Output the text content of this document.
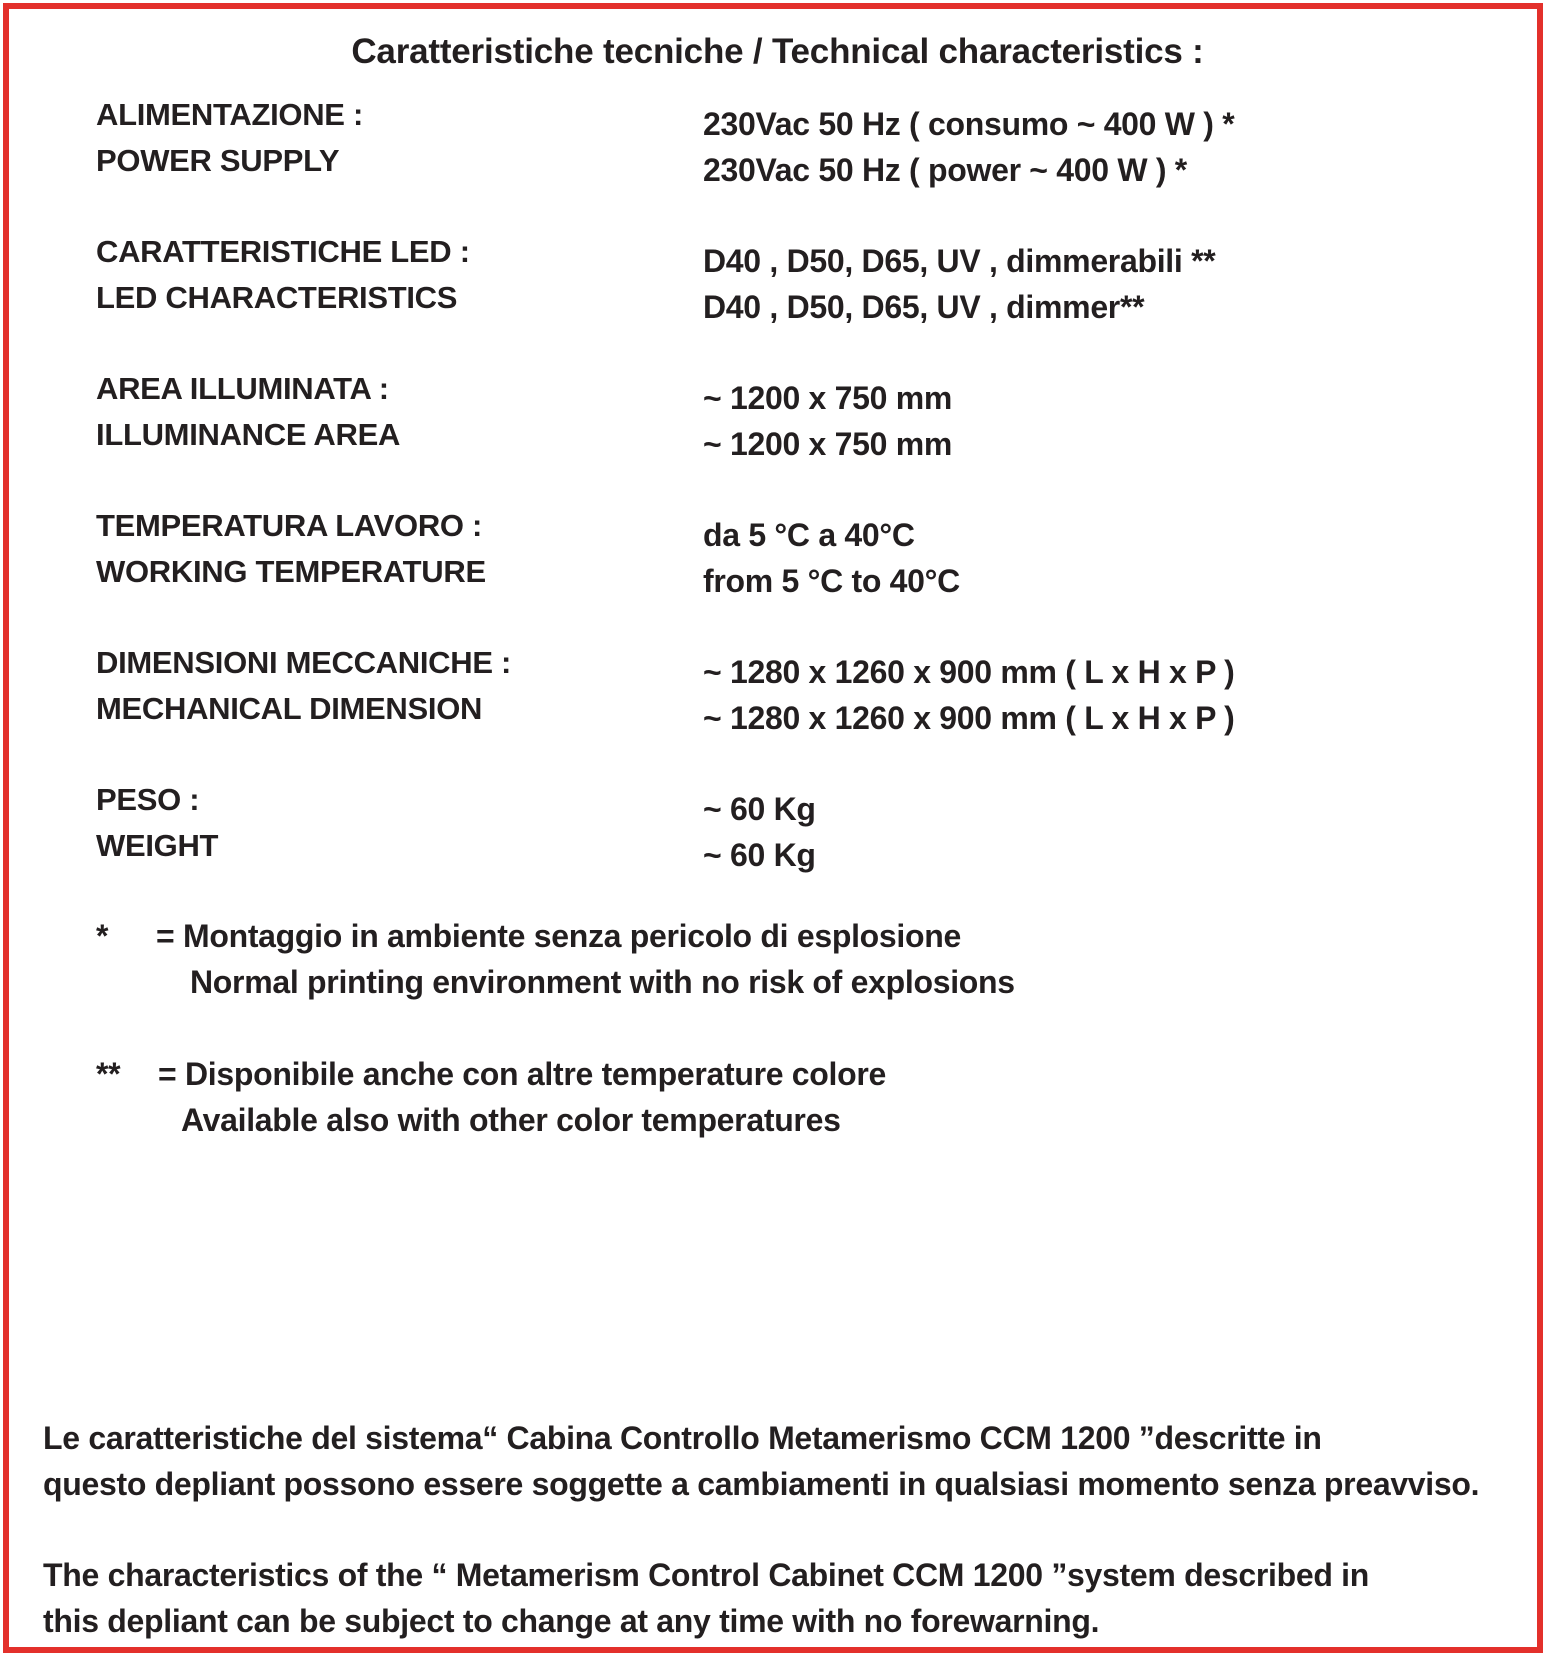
Caratteristiche tecniche / Technical characteristics :
ALIMENTAZIONE :
POWER SUPPLY
230Vac 50 Hz ( consumo ~ 400 W ) *
230Vac 50 Hz ( power ~ 400 W ) *
CARATTERISTICHE LED :
LED CHARACTERISTICS
D40 , D50, D65, UV , dimmerabili **
D40 , D50, D65, UV , dimmer**
AREA ILLUMINATA :
ILLUMINANCE AREA
~ 1200 x 750 mm
~ 1200 x 750 mm
TEMPERATURA LAVORO :
WORKING TEMPERATURE
da 5 °C a 40°C
from 5 °C to 40°C
DIMENSIONI MECCANICHE :
MECHANICAL DIMENSION
~ 1280 x 1260 x 900 mm ( L x H x P )
~ 1280 x 1260 x 900 mm ( L x H x P )
PESO :
WEIGHT
~ 60 Kg
~ 60 Kg
* = Montaggio in ambiente senza pericolo di esplosione
Normal printing environment with no risk of explosions
** = Disponibile anche con altre temperature colore
Available also with other color temperatures
Le caratteristiche del sistema“ Cabina Controllo Metamerismo CCM 1200 ”descritte in
questo depliant possono essere soggette a cambiamenti in qualsiasi momento senza preavviso.
The characteristics of the “ Metamerism Control Cabinet CCM 1200 ”system described in
this depliant can be subject to change at any time with no forewarning.
